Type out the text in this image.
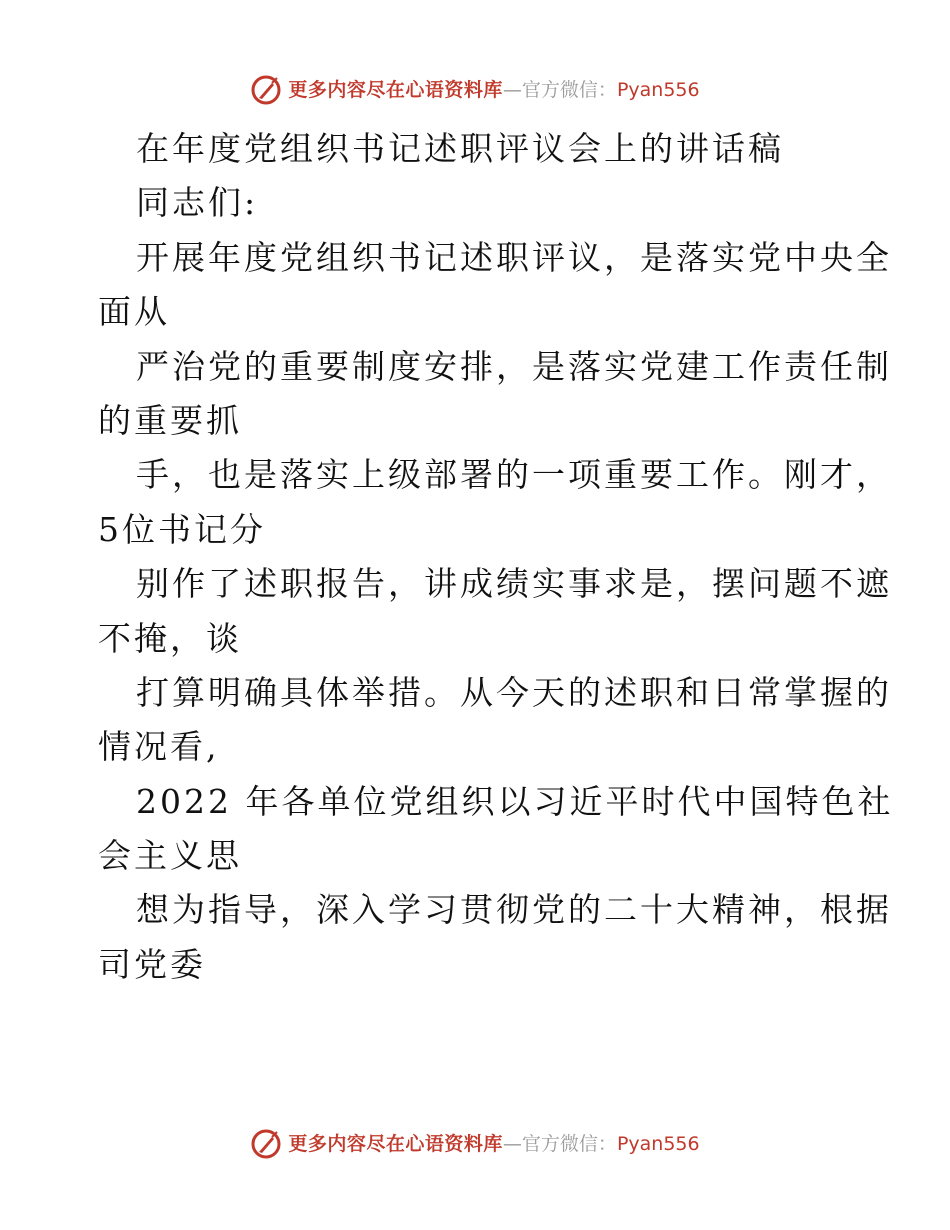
更多内容尽在心语资料库 —官方微信： Pyan556
在年度党组织书记述职评议会上的讲话稿
同志们:
开展年度党组织书记述职评议，是落实党中央全
面从
严治党的重要制度安排，是落实党建工作责任制
的重要抓
手，也是落实上级部署的一项重要工作。刚才，
5位书记分
别作了述职报告，讲成绩实事求是，摆问题不遮
不掩，谈
打算明确具体举措。从今天的述职和日常掌握的
情况看,
2022 年各单位党组织以习近平时代中国特色社
会主义思
想为指导，深入学习贯彻党的二十大精神，根据
司党委
更多内容尽在心语资料库 —官方微信： Pyan556
